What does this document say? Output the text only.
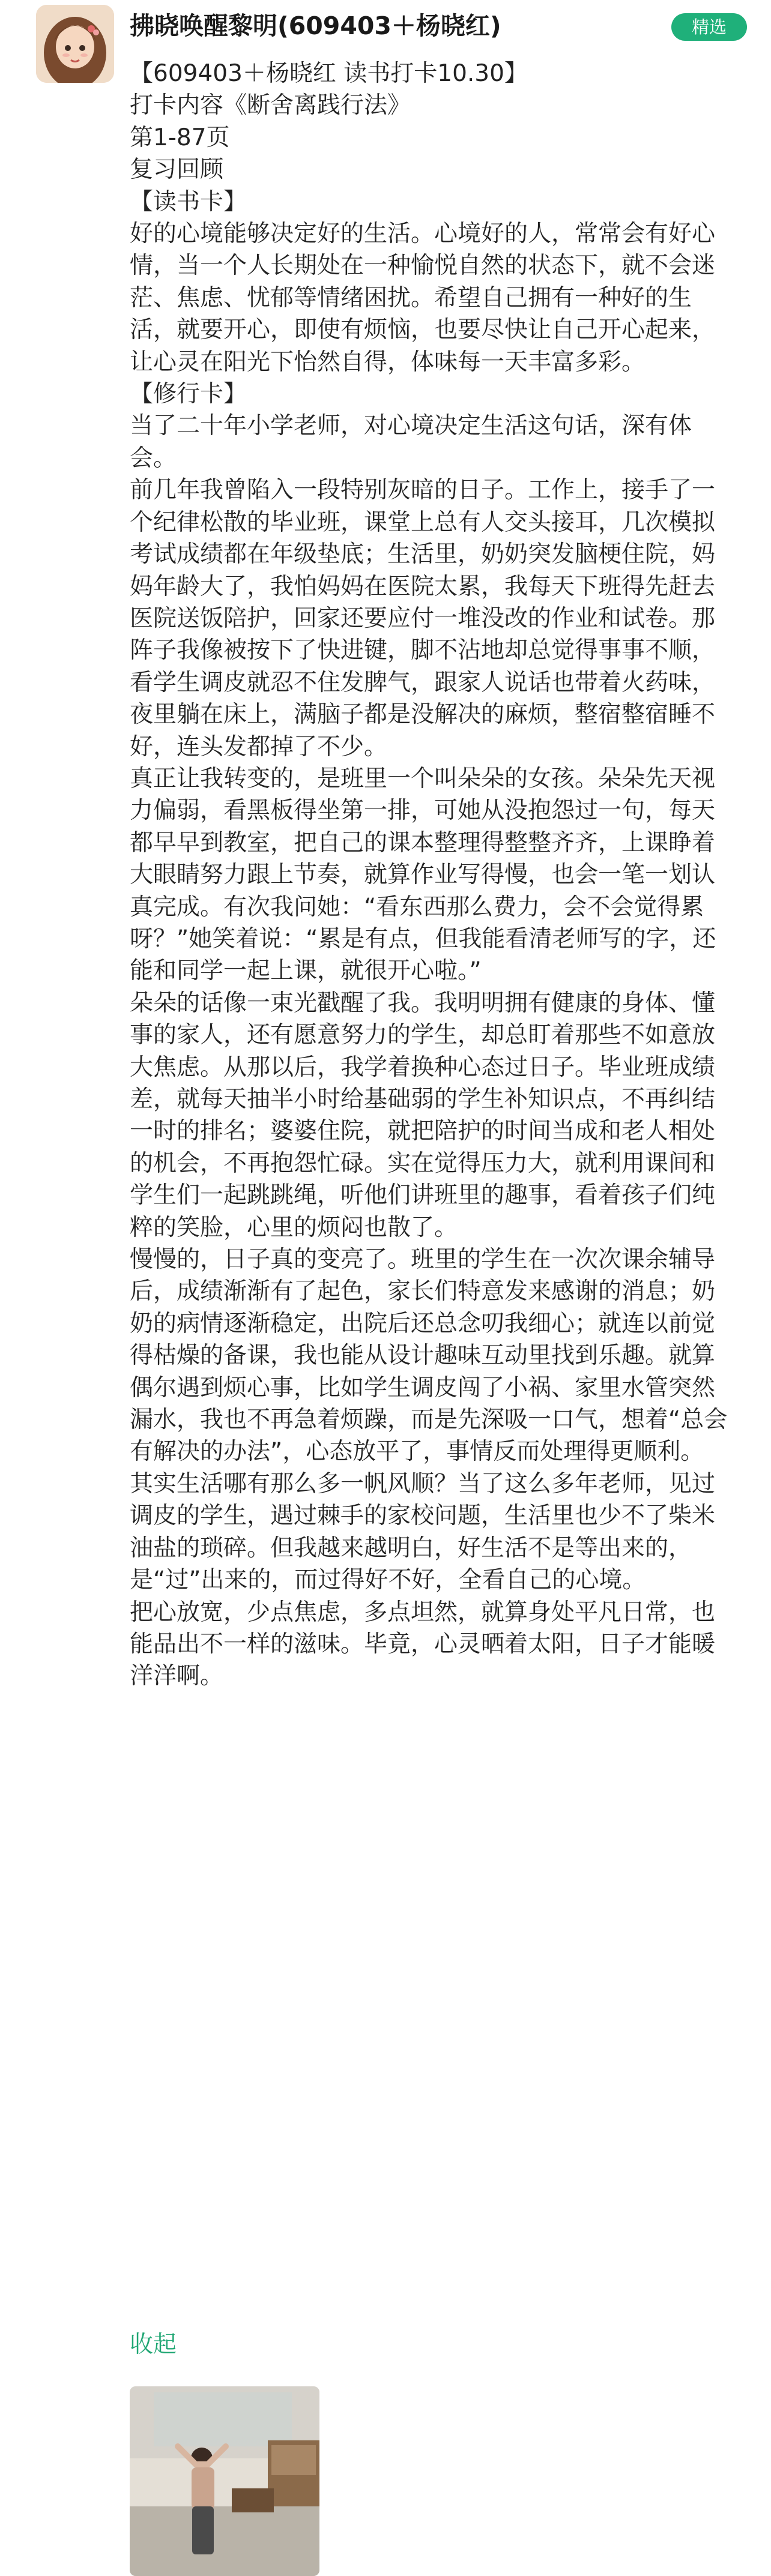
拂晓唤醒黎明(609403＋杨晓红)	精选

【609403＋杨晓红 读书打卡10.30】

打卡内容《断舍离践行法》

第1-87页

复习回顾

【读书卡】

好的心境能够决定好的生活。心境好的人，常常会有好心情，当一个人长期处在一种愉悦自然的状态下，就不会迷茫、焦虑、忧郁等情绪困扰。希望自己拥有一种好的生活，就要开心，即使有烦恼，也要尽快让自己开心起来，让心灵在阳光下怡然自得，体味每一天丰富多彩。

【修行卡】

当了二十年小学老师，对心境决定生活这句话，深有体会。

前几年我曾陷入一段特别灰暗的日子。工作上，接手了一个纪律松散的毕业班，课堂上总有人交头接耳，几次模拟考试成绩都在年级垫底；生活里，奶奶突发脑梗住院，妈妈年龄大了，我怕妈妈在医院太累，我每天下班得先赶去医院送饭陪护，回家还要应付一堆没改的作业和试卷。那阵子我像被按下了快进键，脚不沾地却总觉得事事不顺，看学生调皮就忍不住发脾气，跟家人说话也带着火药味，夜里躺在床上，满脑子都是没解决的麻烦，整宿整宿睡不好，连头发都掉了不少。

真正让我转变的，是班里一个叫朵朵的女孩。朵朵先天视力偏弱，看黑板得坐第一排，可她从没抱怨过一句，每天都早早到教室，把自己的课本整理得整整齐齐，上课睁着大眼睛努力跟上节奏，就算作业写得慢，也会一笔一划认真完成。有次我问她：“看东西那么费力，会不会觉得累呀？”她笑着说：“累是有点，但我能看清老师写的字，还能和同学一起上课，就很开心啦。”

朵朵的话像一束光戳醒了我。我明明拥有健康的身体、懂事的家人，还有愿意努力的学生，却总盯着那些不如意放大焦虑。从那以后，我学着换种心态过日子。毕业班成绩差，就每天抽半小时给基础弱的学生补知识点，不再纠结一时的排名；婆婆住院，就把陪护的时间当成和老人相处的机会，不再抱怨忙碌。实在觉得压力大，就利用课间和学生们一起跳跳绳，听他们讲班里的趣事，看着孩子们纯粹的笑脸，心里的烦闷也散了。

慢慢的，日子真的变亮了。班里的学生在一次次课余辅导后，成绩渐渐有了起色，家长们特意发来感谢的消息；奶奶的病情逐渐稳定，出院后还总念叨我细心；就连以前觉得枯燥的备课，我也能从设计趣味互动里找到乐趣。就算偶尔遇到烦心事，比如学生调皮闯了小祸、家里水管突然漏水，我也不再急着烦躁，而是先深吸一口气，想着“总会有解决的办法”，心态放平了，事情反而处理得更顺利。

其实生活哪有那么多一帆风顺？当了这么多年老师，见过调皮的学生，遇过棘手的家校问题，生活里也少不了柴米油盐的琐碎。但我越来越明白，好生活不是等出来的，是“过”出来的，而过得好不好，全看自己的心境。

把心放宽，少点焦虑，多点坦然，就算身处平凡日常，也能品出不一样的滋味。毕竟，心灵晒着太阳，日子才能暖洋洋啊。

收起
